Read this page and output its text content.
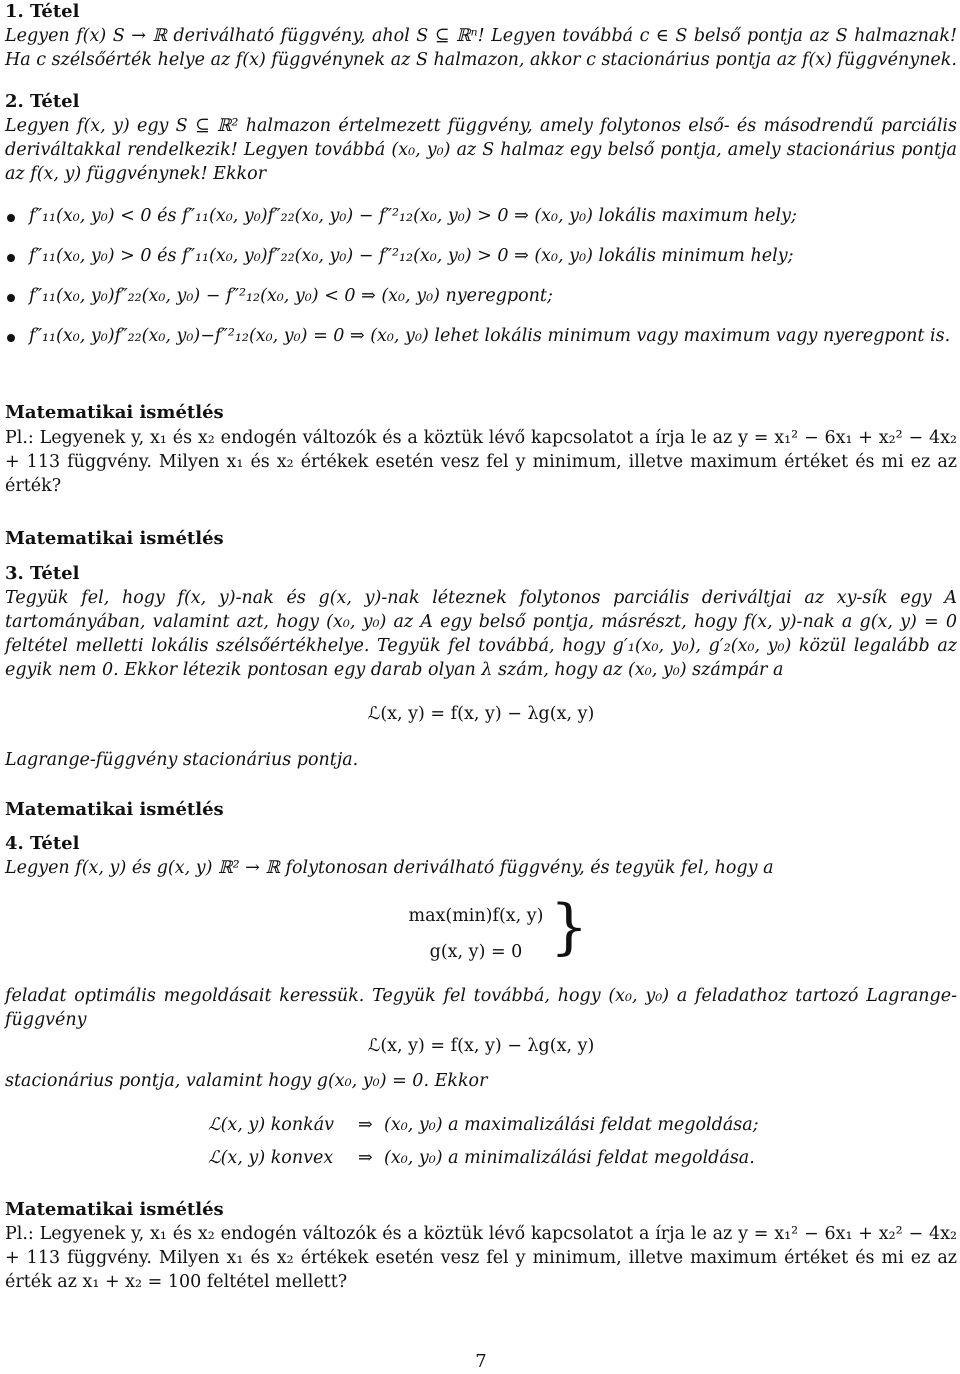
1. Tétel
Legyen f(x) S → ℝ deriválható függvény, ahol S ⊆ ℝⁿ! Legyen továbbá c ∈ S belső pontja az S halmaznak! Ha c szélsőérték helye az f(x) függvénynek az S halmazon, akkor c stacionárius pontja az f(x) függvénynek.
2. Tétel
Legyen f(x, y) egy S ⊆ ℝ² halmazon értelmezett függvény, amely folytonos első- és másodrendű parciális deriváltakkal rendelkezik! Legyen továbbá (x₀, y₀) az S halmaz egy belső pontja, amely stacionárius pontja az f(x, y) függvénynek! Ekkor
f″₁₁(x₀, y₀) < 0 és f″₁₁(x₀, y₀)f″₂₂(x₀, y₀) − f″²₁₂(x₀, y₀) > 0 ⇒ (x₀, y₀) lokális maximum hely;
f″₁₁(x₀, y₀) > 0 és f″₁₁(x₀, y₀)f″₂₂(x₀, y₀) − f″²₁₂(x₀, y₀) > 0 ⇒ (x₀, y₀) lokális minimum hely;
f″₁₁(x₀, y₀)f″₂₂(x₀, y₀) − f″²₁₂(x₀, y₀) < 0 ⇒ (x₀, y₀) nyeregpont;
f″₁₁(x₀, y₀)f″₂₂(x₀, y₀)−f″²₁₂(x₀, y₀) = 0 ⇒ (x₀, y₀) lehet lokális minimum vagy maximum vagy nyeregpont is.
Matematikai ismétlés
Pl.: Legyenek y, x₁ és x₂ endogén változók és a köztük lévő kapcsolatot a írja le az y = x₁² − 6x₁ + x₂² − 4x₂ + 113 függvény. Milyen x₁ és x₂ értékek esetén vesz fel y minimum, illetve maximum értéket és mi ez az érték?
Matematikai ismétlés
3. Tétel
Tegyük fel, hogy f(x, y)-nak és g(x, y)-nak léteznek folytonos parciális deriváltjai az xy-sík egy A tartományában, valamint azt, hogy (x₀, y₀) az A egy belső pontja, másrészt, hogy f(x, y)-nak a g(x, y) = 0 feltétel melletti lokális szélsőértékhelye. Tegyük fel továbbá, hogy g′₁(x₀, y₀), g′₂(x₀, y₀) közül legalább az egyik nem 0. Ekkor létezik pontosan egy darab olyan λ szám, hogy az (x₀, y₀) számpár a
ℒ(x, y) = f(x, y) − λg(x, y)
Lagrange-függvény stacionárius pontja.
Matematikai ismétlés
4. Tétel
Legyen f(x, y) és g(x, y) ℝ² → ℝ folytonosan deriválható függvény, és tegyük fel, hogy a
max(min)f(x, y)
g(x, y) = 0 }
feladat optimális megoldásait keressük. Tegyük fel továbbá, hogy (x₀, y₀) a feladathoz tartozó Lagrange-függvény
ℒ(x, y) = f(x, y) − λg(x, y)
stacionárius pontja, valamint hogy g(x₀, y₀) = 0. Ekkor
ℒ(x, y) konkáv ⇒ (x₀, y₀) a maximalizálási feldat megoldása;
ℒ(x, y) konvex ⇒ (x₀, y₀) a minimalizálási feldat megoldása.
Matematikai ismétlés
Pl.: Legyenek y, x₁ és x₂ endogén változók és a köztük lévő kapcsolatot a írja le az y = x₁² − 6x₁ + x₂² − 4x₂ + 113 függvény. Milyen x₁ és x₂ értékek esetén vesz fel y minimum, illetve maximum értéket és mi ez az érték az x₁ + x₂ = 100 feltétel mellett?
7
